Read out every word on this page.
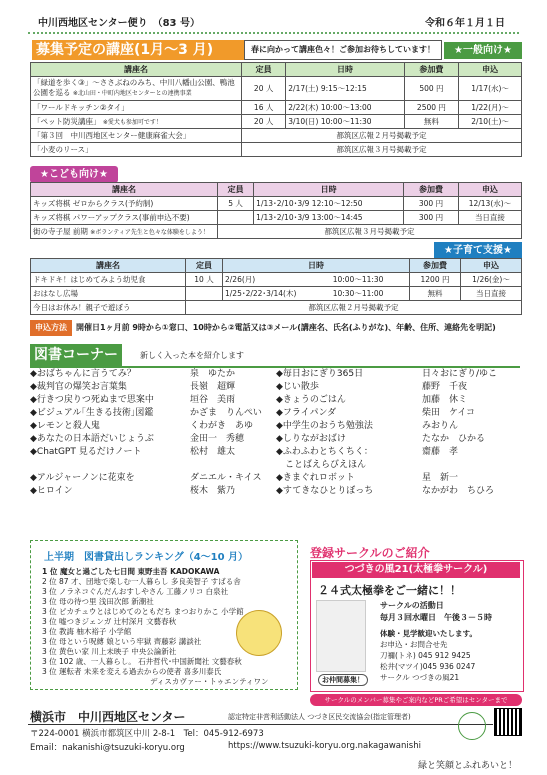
中川西地区センター便り　（83 号）	令和６年１月１日
募集予定の講座(1月～3 月)	春に向かって講座色々！ご参加お待ちしています！	★一般向け★
講座名	定員	日時	参加費	申込
「緑道を歩く③」～ささぶねのみち、中川八幡山公園、鴨池公園を巡る ※北山田・中町内地区センターとの連携事業	20 人	2/17(土) 9:15～12:15	500 円	1/17(水)～
「ワールドキッチン②タイ」	16 人	2/22(木) 10:00～13:00	2500 円	1/22(月)～
「ペット防災講座」 ※愛犬も参加可です！	20 人	3/10(日) 10:00～11:30	無料	2/10(土)～
「第３回　中川西地区センター健康麻雀大会」	都筑区広報２月号掲載予定			
「小麦のリース」	都筑区広報３月号掲載予定			
★こども向け★
講座名	定員	日時	参加費	申込
キッズ将棋 ゼロからクラス(予約制)	5 人	1/13･2/10･3/9 12:10～12:50	300 円	12/13(水)～
キッズ将棋 パワーアップクラス(事前申込不要)		1/13･2/10･3/9 13:00～14:45	300 円	当日直接
街の寺子屋 前期 ※ボランティア先生と色々な体験をしよう！	都筑区広報３月号掲載予定			
★子育て支援★
講座名	定員	日時		参加費	申込
ドキドキ！はじめてみよう幼児食	10 人	2/26(月)	10:00～11:30	1200 円	1/26(金)～
おはなし広場		1/25･2/22･3/14(木)	10:30～11:00	無料	当日直接
今日はお休み！親子で遊ぼう	都筑区広報２月号掲載予定				
申込方法	開催日1ヶ月前 9時から①窓口、10時から②電話又は③メール(講座名、氏名(ふりがな)、年齢、住所、連絡先を明記)
図書コーナー	新しく入った本を紹介します
◆おばちゃんに言うてみ？	泉　ゆたか
◆裁判官の爆笑お言葉集	長嶺　超輝
◆行きつ戻りつ死ぬまで思案中	垣谷　美雨
◆ビジュアル｢生きる技術｣図鑑	かざま　りんぺい
◆レモンと殺人鬼	くわがき　あゆ
◆あなたの日本語だいじょうぶ	金田一　秀穂
◆ChatGPT 見るだけノート	松村　雄太
◆アルジャーノンに花束を	ダニエル・キイス
◆ヒロイン	桜木　紫乃
◆毎日おにぎり365日	日々おにぎり/ゆこ
◆じい散歩	藤野　千夜
◆きょうのごはん	加藤　休ミ
◆フライパンダ	柴田　ケイコ
◆中学生のおうち勉強法	みおりん
◆しりながおばけ	たなか　ひかる
◆ふわふわとちくちく：	齋藤　孝
　ことばえらびえほん
◆きまぐれロボット	星　新一
◆すてきなひとりぼっち	なかがわ　ちひろ
上半期　図書貸出しランキング（4～10 月）
1 位 魔女と過ごした七日間 東野圭吾 KADOKAWA
2 位 87 才、団地で楽しむ一人暮らし 多良美智子 すばる舎
3 位 ノラネコぐんだんおすしやさん 工藤ノリコ 白泉社
3 位 母の待つ里 浅田次郎 新潮社
3 位 ピカチュウとはじめてのともだち まつおりかこ 小学館
3 位 嘘つきジェンガ 辻村深月 文藝春秋
3 位 教誨 柚木裕子 小学館
3 位 母という呪縛 娘という牢獄 齊藤彩 講談社
3 位 黄色い家 川上未映子 中央公論新社
3 位 102 歳、一人暮らし。 石井哲代･中国新聞社 文藝春秋
3 位 運転者 未来を変える過去からの使者 喜多川泰氏
ディスカヴァー・トゥエンティワン
登録サークルのご紹介
つづきの風21(太極拳サークル)
２４式太極拳をご一緒に！！
サークルの活動日
毎月３回水曜日　午後３－５時
体験・見学歓迎いたします。
お申込・お問合せ先
刀禰(トネ) 045 912 9425
松井(マツイ)045 936 0247
サークル つづきの風21
お仲間募集！
サークルのメンバー募集やご案内などPRご希望はセンターまで
横浜市　中川西地区センター	認定特定非営利活動法人 つづき区民交流協会(指定管理者)
〒224-0001 横浜市都筑区中川 2-8-1　Tel：045-912-6973
Email：nakanishi@tsuzuki-koryu.org	https://www.tsuzuki-koryu.org.nakagawanishi
緑と笑顔とふれあいと！
